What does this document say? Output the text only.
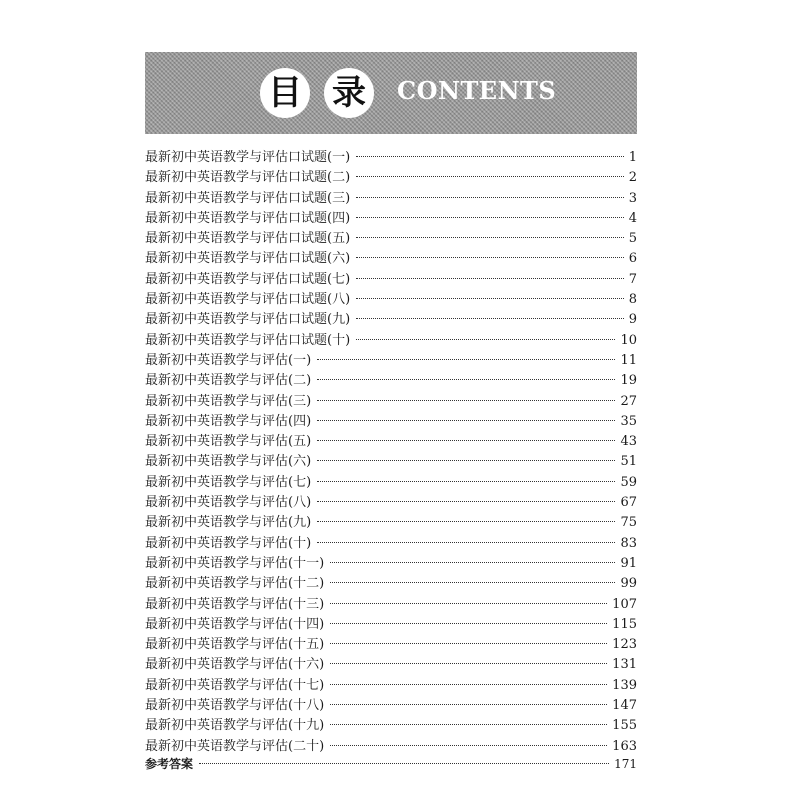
目 录 CONTENTS
最新初中英语教学与评估口试题(一)	1
最新初中英语教学与评估口试题(二)	2
最新初中英语教学与评估口试题(三)	3
最新初中英语教学与评估口试题(四)	4
最新初中英语教学与评估口试题(五)	5
最新初中英语教学与评估口试题(六)	6
最新初中英语教学与评估口试题(七)	7
最新初中英语教学与评估口试题(八)	8
最新初中英语教学与评估口试题(九)	9
最新初中英语教学与评估口试题(十)	10
最新初中英语教学与评估(一)	11
最新初中英语教学与评估(二)	19
最新初中英语教学与评估(三)	27
最新初中英语教学与评估(四)	35
最新初中英语教学与评估(五)	43
最新初中英语教学与评估(六)	51
最新初中英语教学与评估(七)	59
最新初中英语教学与评估(八)	67
最新初中英语教学与评估(九)	75
最新初中英语教学与评估(十)	83
最新初中英语教学与评估(十一)	91
最新初中英语教学与评估(十二)	99
最新初中英语教学与评估(十三)	107
最新初中英语教学与评估(十四)	115
最新初中英语教学与评估(十五)	123
最新初中英语教学与评估(十六)	131
最新初中英语教学与评估(十七)	139
最新初中英语教学与评估(十八)	147
最新初中英语教学与评估(十九)	155
最新初中英语教学与评估(二十)	163
参考答案	171
